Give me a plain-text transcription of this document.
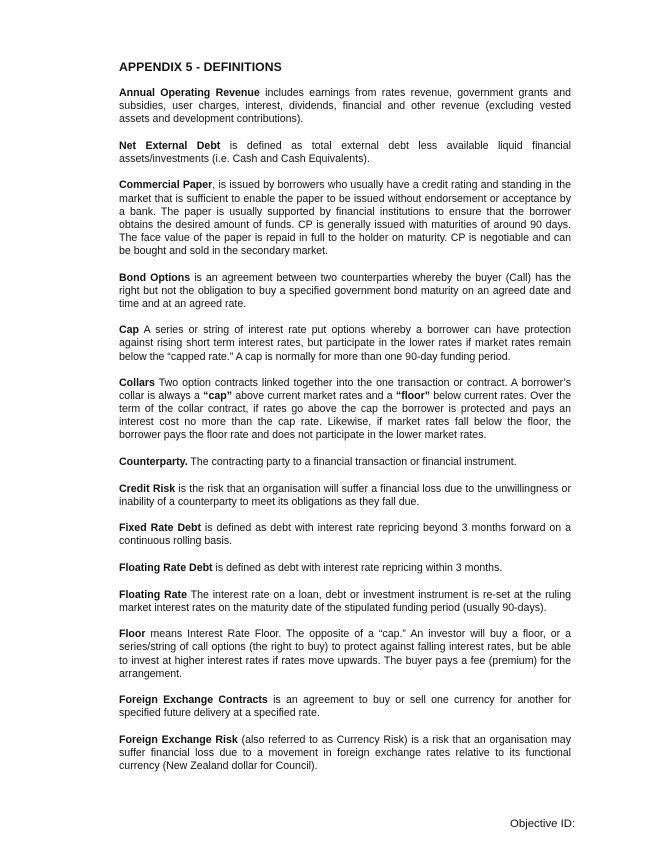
APPENDIX 5 - DEFINITIONS

Annual Operating Revenue includes earnings from rates revenue, government grants and subsidies, user charges, interest, dividends, financial and other revenue (excluding vested assets and development contributions).

Net External Debt is defined as total external debt less available liquid financial assets/investments (i.e. Cash and Cash Equivalents).

Commercial Paper, is issued by borrowers who usually have a credit rating and standing in the market that is sufficient to enable the paper to be issued without endorsement or acceptance by a bank. The paper is usually supported by financial institutions to ensure that the borrower obtains the desired amount of funds. CP is generally issued with maturities of around 90 days. The face value of the paper is repaid in full to the holder on maturity. CP is negotiable and can be bought and sold in the secondary market.

Bond Options is an agreement between two counterparties whereby the buyer (Call) has the right but not the obligation to buy a specified government bond maturity on an agreed date and time and at an agreed rate.

Cap A series or string of interest rate put options whereby a borrower can have protection against rising short term interest rates, but participate in the lower rates if market rates remain below the “capped rate.” A cap is normally for more than one 90-day funding period.

Collars Two option contracts linked together into the one transaction or contract. A borrower’s collar is always a “cap” above current market rates and a “floor” below current rates. Over the term of the collar contract, if rates go above the cap the borrower is protected and pays an interest cost no more than the cap rate. Likewise, if market rates fall below the floor, the borrower pays the floor rate and does not participate in the lower market rates.

Counterparty. The contracting party to a financial transaction or financial instrument.

Credit Risk is the risk that an organisation will suffer a financial loss due to the unwillingness or inability of a counterparty to meet its obligations as they fall due.

Fixed Rate Debt is defined as debt with interest rate repricing beyond 3 months forward on a continuous rolling basis.

Floating Rate Debt is defined as debt with interest rate repricing within 3 months.

Floating Rate The interest rate on a loan, debt or investment instrument is re-set at the ruling market interest rates on the maturity date of the stipulated funding period (usually 90-days).

Floor means Interest Rate Floor. The opposite of a “cap.” An investor will buy a floor, or a series/string of call options (the right to buy) to protect against falling interest rates, but be able to invest at higher interest rates if rates move upwards. The buyer pays a fee (premium) for the arrangement.

Foreign Exchange Contracts is an agreement to buy or sell one currency for another for specified future delivery at a specified rate.

Foreign Exchange Risk (also referred to as Currency Risk) is a risk that an organisation may suffer financial loss due to a movement in foreign exchange rates relative to its functional currency (New Zealand dollar for Council).

Objective ID:
